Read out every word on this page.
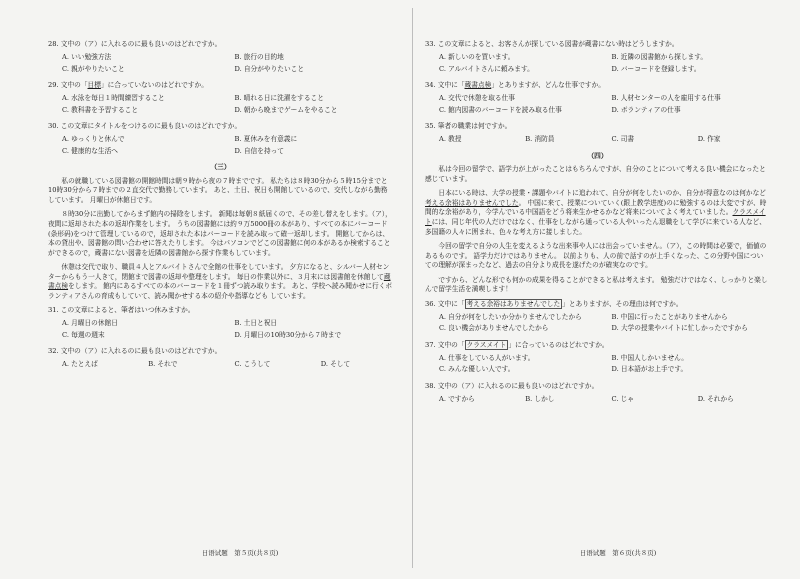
28. 文中の（ア）に入れるのに最も良いのはどれですか。
A. いい勉強方法	B. 旅行の目的地
C. 親がやりたいこと	D. 自分がやりたいこと
29. 文中の「目標」に合っていないのはどれですか。
A. 水泳を毎日１時間練習すること	B. 晴れる日に洗濯をすること
C. 教科書を予習すること	D. 朝から晩までゲームをやること
30. この文章にタイトルをつけるのに最も良いのはどれですか。
A. ゆっくりと休んで	B. 夏休みを有意義に
C. 健康的な生活へ	D. 自信を持って
（三）

私の就職している図書館の開館時間は朝９時から夜の７時までです。 私たちは８時30分から５時15分までと10時30分から７時までの２直交代で勤務しています。 あと、土日、祝日も開館しているので、交代しながら勤務しています。 月曜日が休館日です。

８時30分に出勤してからまず館内の掃除をします。 新聞は毎朝８紙届くので、その差し替えをします。（ア），夜間に返却された本の返却作業をします。 うちの図書館には約９万5000冊の本があり、すべての本にバーコード(条形码)をつけて管理しているので，返却された本はバーコードを読み取って確一返却します。 開館してからは、本の貸出や、図書館の問い合わせに答えたりします。 今はパソコンでどこの図書館に何の本があるか検索することができるので，蔵書にない図書を近隣の図書館から探す作業もしています。

休憩は交代で取り、職員４人とアルバイトさんで全館の仕事をしています。 夕方になると、シルバー人材センターからもう一人きて，閉館まで図書の返却や整理をします。 毎日の作業以外に、３月末には図書館を休館して蔵書点検をします。 館内にあるすべての本のバーコードを１冊ずつ読み取ります。 あと、学校へ読み聞かせに行くボランティアさんの育成もしていて、読み聞かせする本の紹介や指導なども しています。

31. この文章によると、筆者はいつ休みますか。
A. 月曜日の休館日	B. 土日と祝日
C. 毎週の週末	D. 月曜日の10時30分から７時まで
32. 文中の（ア）に入れるのに最も良いのはどれですか。
A. たとえば	B. それで	C. こうして	D. そして
33. この文章によると、お客さんが探している図書が蔵書にない時はどうしますか。
A. 新しいのを買います。	B. 近隣の図書館から探します。
C. アルバイトさんに頼みます。	D. バーコードを登録します。
34. 文中に「蔵書点検」とありますが、どんな仕事ですか。
A. 交代で休憩を取る仕事	B. 人材センターの人を雇用する仕事
C. 館内図書のバーコードを読み取る仕事	D. ボランティアの仕事
35. 筆者の職業は何ですか。
A. 教授	B. 消防員	C. 司書	D. 作家
（四）

私は今回の留学で、語学力が上がったことはもちろんですが、自分のことについて考える良い機会になったと感じています。

日本にいる時は、大学の授業・課題やバイトに追われて、自分が何をしたいのか、自分が得意なのは何かなど考える余裕はありませんでした。 中国に来て、授業についていく(跟上教学进度)のに勉強するのは大変ですが、時間的な余裕があり，今学んでいる中国語をどう将来生かせるかなど将来についてよく考えていました。クラスメイトには、同じ年代の人だけではなく、仕事をしながら通っている人やいったん退職をして学びに来ている人など、多国籍の人々に囲まれ、色々な考え方に接しました。

今回の留学で自分の人生を変えるような出来事や人には出会っていません。（ア），この時間は必要で，価値のあるものです。 語学力だけではありません。 以前よりも、人の前で話すのが上手くなった、この分野や国についての理解が深まったなど、過去の自分より成長を遂げたのが確実なのです。

ですから、どんな形でも何かの成果を得ることができると私は考えます。 勉強だけではなく、しっかりと楽しんで留学生活を満喫します！

36. 文中に「 考える余裕はありませんでした 」とありますが、その理由は何ですか。
A. 自分が何をしたいか分かりませんでしたから	B. 中国に行ったことがありませんから
C. 良い機会がありませんでしたから	D. 大学の授業やバイトに忙しかったですから
37. 文中の「 クラスメイト 」に合っているのはどれですか。
A. 仕事をしている人がいます。	B. 中国人しかいません。
C. みんな優しい人です。	D. 日本語がお上手です。
38. 文中の（ア）に入れるのに最も良いのはどれですか。
A. ですから	B. しかし	C. じゃ	D. それから
日语试题　第５页(共８页)	日语试题　第６页(共８页)
